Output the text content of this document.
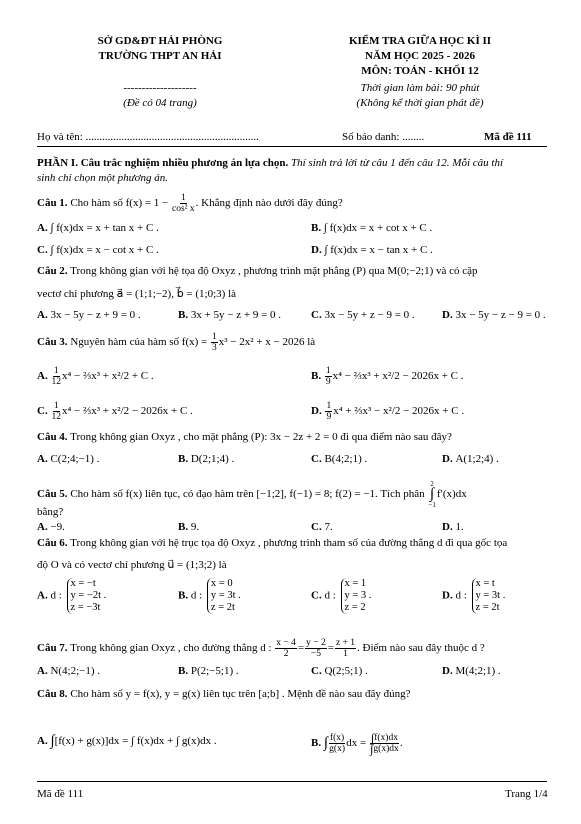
SỞ GD&ĐT HẢI PHÒNG
TRƯỜNG THPT AN HẢI
--------------------
(Đề có 04 trang)
KIỂM TRA GIỮA HỌC KÌ II
NĂM HỌC 2025 - 2026
MÔN: TOÁN - KHỐI 12
Thời gian làm bài: 90 phút
(Không kể thời gian phát đề)
Họ và tên: ...............................................................	Số báo danh: ........	Mã đề 111
PHẦN I. Câu trắc nghiệm nhiều phương án lựa chọn. Thí sinh trả lời từ câu 1 đến câu 12. Mỗi câu thí
sinh chỉ chọn một phương án.
Câu 1. Cho hàm số $f(x) = 1 - \frac{1}{\text{cos² x}}$ . Khẳng định nào dưới đây đúng?
A. ∫ f(x)dx = x + tan x + C .	B. ∫ f(x)dx = x + cot x + C .
C. ∫ f(x)dx = x − cot x + C .	D. ∫ f(x)dx = x − tan x + C .
Câu 2. Trong không gian với hệ tọa độ Oxyz , phương trình mặt phẳng (P) qua M(0;−2;1) và có cặp
vectơ chỉ phương a⃗ = (1;1;−2), b⃗ = (1;0;3) là
A. 3x − 5y − z + 9 = 0 .	B. 3x + 5y − z + 9 = 0 .	C. 3x − 5y + z − 9 = 0 . D. 3x − 5y − z − 9 = 0 .
Câu 3. Nguyên hàm của hàm số $f(x) = \frac{1}{3} x^3 - 2x^2 + x - 2026$ là
A. $\frac{1}{12} x^4$ − ⅔x³ + x²/2 + C .	B. $\frac{1}{9} x^4$ − ⅔x³ + x²/2 − 2026x + C .
C. $\frac{1}{12} x^4$ − ⅔x³ + x²/2 − 2026x + C .	D. $\frac{1}{9} x^4$ + ⅔x³ − x²/2 − 2026x + C .
Câu 4. Trong không gian Oxyz , cho mặt phẳng (P): 3x − 2z + 2 = 0 đi qua điểm nào sau đây?
A. C(2;4;−1) .	B. D(2;1;4) .	C. B(4;2;1) .	D. A(1;2;4) .
Câu 5. Cho hàm số f(x) liên tục, có đạo hàm trên [−1;2], f(−1) = 8; f(2) = −1. Tích phân
2
∫
−1
f′(x)dx
bằng?
A. −9.	B. 9.	C. 7.	D. 1.
Câu 6. Trong không gian với hệ trục tọa độ Oxyz , phương trình tham số của đường thẳng d đi qua gốc tọa
độ O và có vectơ chỉ phương u⃗ = (1;3;2) là
A. d : x = −t
y = −2t .
z = −3t
B. d : x = 0
y = 3t .
z = 2t
C. d : x = 1
y = 3 .
z = 2
D. d : x = t
y = 3t .
z = 2t
Câu 7. Trong không gian Oxyz , cho đường thẳng d : $\frac{x - 4}{2} = \frac{y - 2}{-5} = \frac{z + 1}{1}$ . Điểm nào sau đây thuộc d ?
A. N(4;2;−1) .	B. P(2;−5;1) .	C. Q(2;5;1) .	D. M(4;2;1) .
Câu 8. Cho hàm số y = f(x), y = g(x) liên tục trên [a;b] . Mệnh đề nào sau đây đúng?
A. ∫[f(x) + g(x)]dx = ∫ f(x)dx + ∫ g(x)dx .	B. ∫ $\frac{f(x)}{g(x)}$ dx = $\frac{\int f(x)dx}{\int g(x)dx}$ .
Mã đề 111	Trang 1/4
